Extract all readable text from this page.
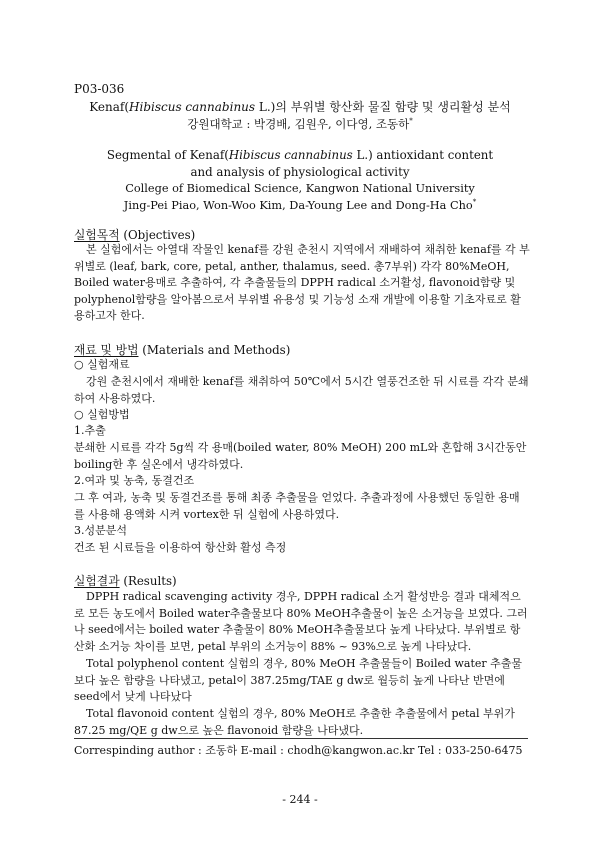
P03-036
Kenaf(Hibiscus cannabinus L.)의 부위별 항산화 물질 함량 및 생리활성 분석
강원대학교 : 박경배, 김원우, 이다영, 조동하*
Segmental of Kenaf(Hibiscus cannabinus L.) antioxidant content
and analysis of physiological activity
College of Biomedical Science, Kangwon National University
Jing-Pei Piao, Won-Woo Kim, Da-Young Lee and Dong-Ha Cho*
실험목적 (Objectives)
본 실험에서는 아열대 작물인 kenaf를 강원 춘천시 지역에서 재배하여 채취한 kenaf를 각 부위별로 (leaf, bark, core, petal, anther, thalamus, seed. 총7부위) 각각 80%MeOH, Boiled water용매로 추출하여, 각 추출물들의 DPPH radical 소거활성, flavonoid함량 및 polyphenol함량을 알아봄으로서 부위별 유용성 및 기능성 소재 개발에 이용할 기초자료로 활용하고자 한다.
재료 및 방법 (Materials and Methods)
○ 실험재료
강원 춘천시에서 재배한 kenaf를 채취하여 50℃에서 5시간 열풍건조한 뒤 시료를 각각 분쇄하여 사용하였다.
○ 실험방법
1.추출
분쇄한 시료를 각각 5g씩 각 용매(boiled water, 80% MeOH) 200 mL와 혼합해 3시간동안 boiling한 후 실온에서 냉각하였다.
2.여과 및 농축, 동결건조
그 후 여과, 농축 및 동결건조를 통해 최종 추출물을 얻었다. 추출과정에 사용했던 동일한 용매를 사용해 용액화 시켜 vortex한 뒤 실험에 사용하였다.
3.성분분석
건조 된 시료들을 이용하여 항산화 활성 측정
실험결과 (Results)
DPPH radical scavenging activity 경우, DPPH radical 소거 활성반응 결과 대체적으로 모든 농도에서 Boiled water추출물보다 80% MeOH추출물이 높은 소거능을 보였다. 그러나 seed에서는 boiled water 추출물이 80% MeOH추출물보다 높게 나타났다. 부위별로 항산화 소거능 차이를 보면, petal 부위의 소거능이 88% ~ 93%으로 높게 나타났다.
Total polyphenol content 실험의 경우, 80% MeOH 추출물들이 Boiled water 추출물보다 높은 함량을 나타냈고, petal이 387.25mg/TAE g dw로 월등히 높게 나타난 반면에 seed에서 낮게 나타났다
Total flavonoid content 실험의 경우, 80% MeOH로 추출한 추출물에서 petal 부위가 87.25 mg/QE g dw으로 높은 flavonoid 함량을 나타냈다.
Correspinding author : 조동하 E-mail : chodh@kangwon.ac.kr Tel : 033-250-6475
- 244 -
